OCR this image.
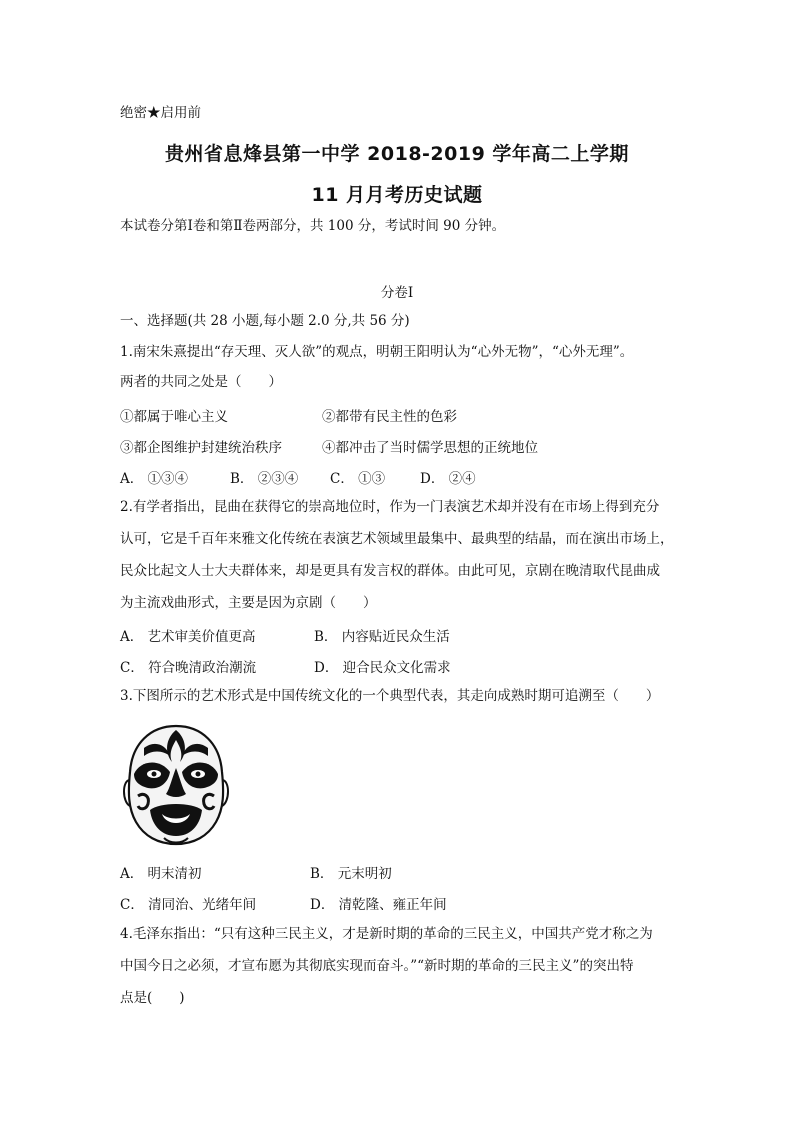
绝密★启用前
贵州省息烽县第一中学 2018-2019 学年高二上学期
11 月月考历史试题
本试卷分第Ⅰ卷和第Ⅱ卷两部分，共 100 分，考试时间 90 分钟。
分卷Ⅰ
一、选择题(共 28 小题,每小题 2.0 分,共 56 分)
1.南宋朱熹提出“存天理、灭人欲”的观点，明朝王阳明认为“心外无物”，“心外无理”。
两者的共同之处是（　　）
①都属于唯心主义	②都带有民主性的色彩
③都企图维护封建统治秩序	④都冲击了当时儒学思想的正统地位
A． ①③④	B． ②③④ C． ①③	D． ②④
2.有学者指出，昆曲在获得它的崇高地位时，作为一门表演艺术却并没有在市场上得到充分
认可，它是千百年来雅文化传统在表演艺术领域里最集中、最典型的结晶，而在演出市场上，
民众比起文人士大夫群体来，却是更具有发言权的群体。由此可见，京剧在晚清取代昆曲成
为主流戏曲形式，主要是因为京剧（　　）
A． 艺术审美价值更高	B． 内容贴近民众生活
C． 符合晚清政治潮流	D． 迎合民众文化需求
3.下图所示的艺术形式是中国传统文化的一个典型代表，其走向成熟时期可追溯至（　　）
A． 明末清初	B． 元末明初
C． 清同治、光绪年间	D． 清乾隆、雍正年间
4.毛泽东指出：“只有这种三民主义，才是新时期的革命的三民主义，中国共产党才称之为
中国今日之必须，才宣布愿为其彻底实现而奋斗。”“新时期的革命的三民主义”的突出特
点是(　　)
